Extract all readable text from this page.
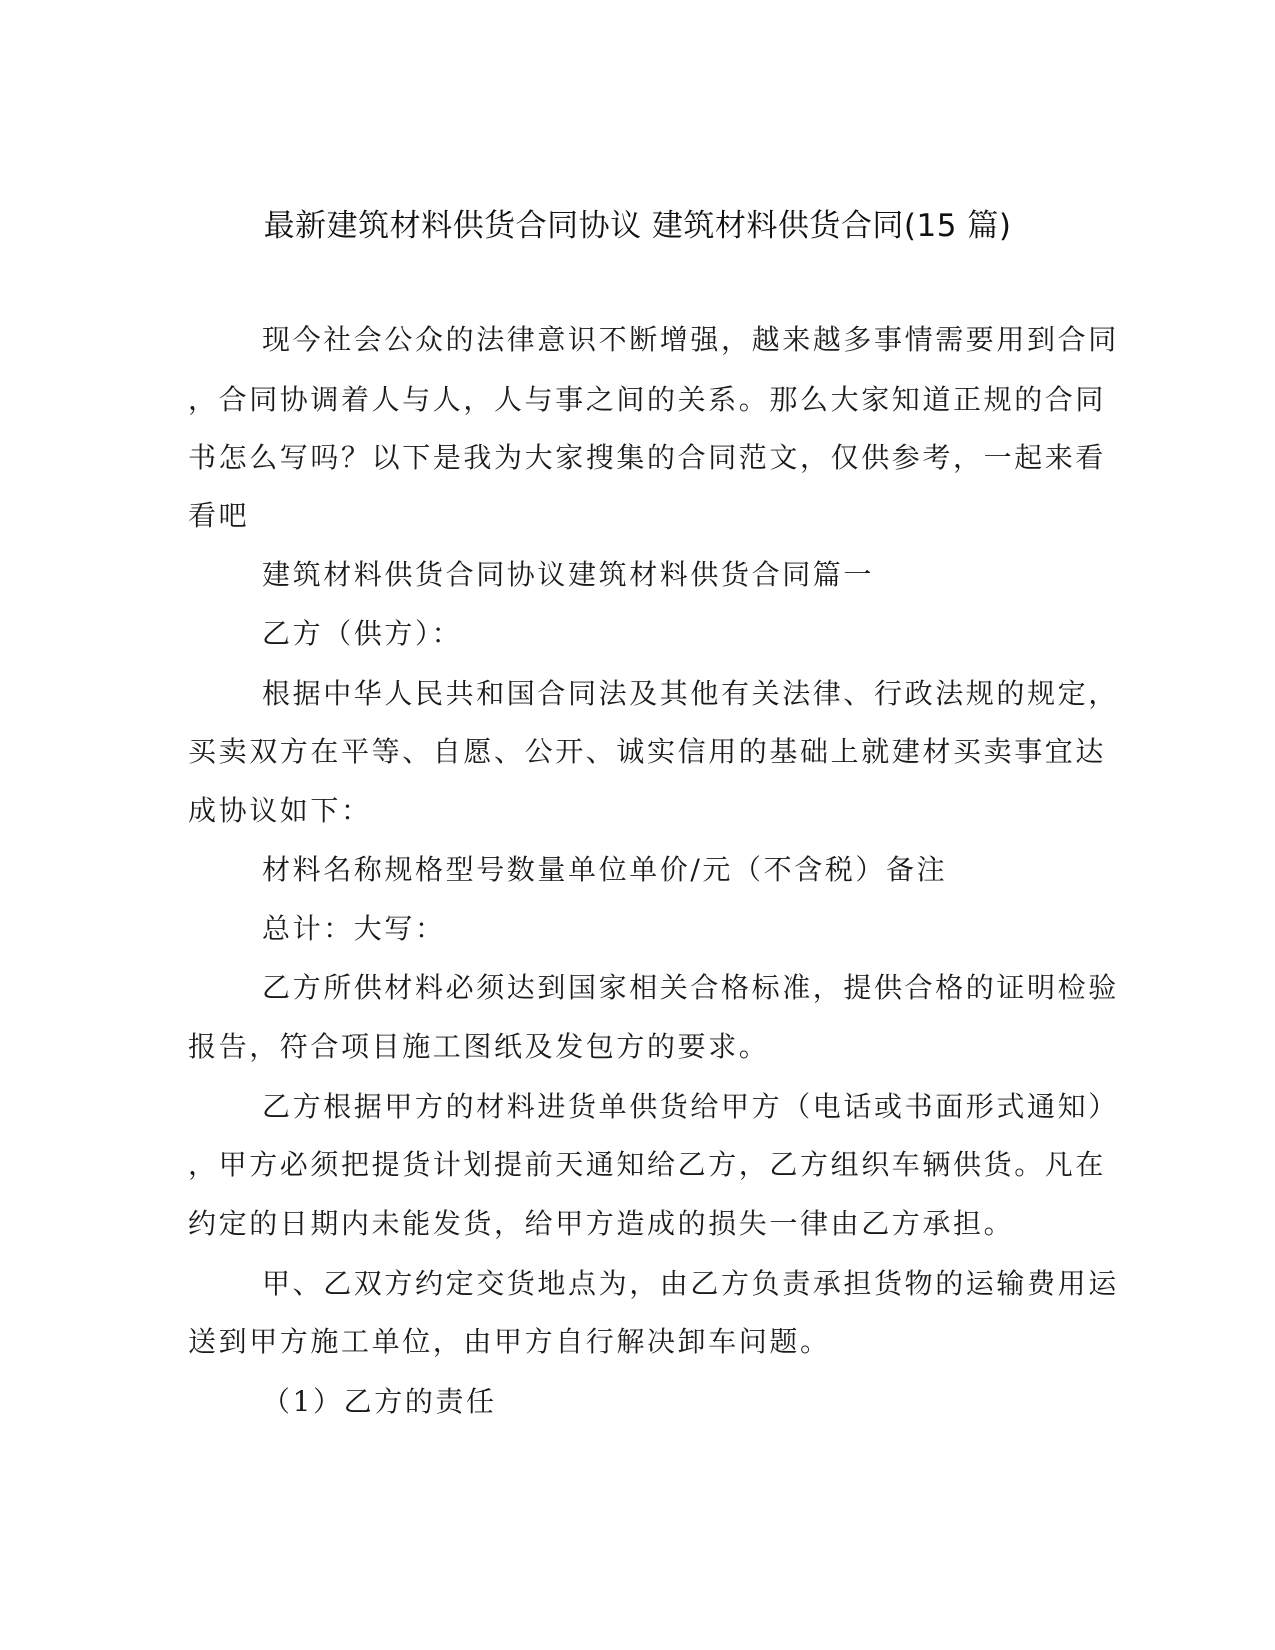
最新建筑材料供货合同协议 建筑材料供货合同(15 篇)
现今社会公众的法律意识不断增强，越来越多事情需要用到合同
，合同协调着人与人，人与事之间的关系。那么大家知道正规的合同
书怎么写吗？以下是我为大家搜集的合同范文，仅供参考，一起来看
看吧
建筑材料供货合同协议建筑材料供货合同篇一
乙方（供方）：
根据中华人民共和国合同法及其他有关法律、行政法规的规定，
买卖双方在平等、自愿、公开、诚实信用的基础上就建材买卖事宜达
成协议如下：
材料名称规格型号数量单位单价/元（不含税）备注
总计：大写：
乙方所供材料必须达到国家相关合格标准，提供合格的证明检验
报告，符合项目施工图纸及发包方的要求。
乙方根据甲方的材料进货单供货给甲方（电话或书面形式通知）
，甲方必须把提货计划提前天通知给乙方，乙方组织车辆供货。凡在
约定的日期内未能发货，给甲方造成的损失一律由乙方承担。
甲、乙双方约定交货地点为，由乙方负责承担货物的运输费用运
送到甲方施工单位，由甲方自行解决卸车问题。
（1）乙方的责任
